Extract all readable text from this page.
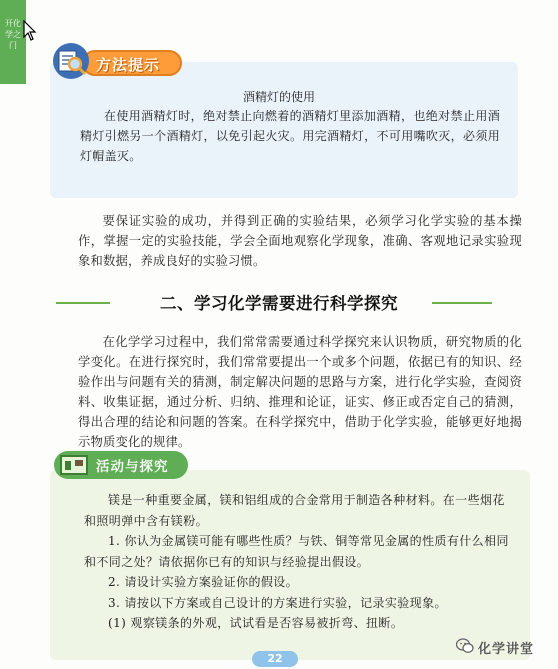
开化学之门
方法提示
酒精灯的使用

在使用酒精灯时，绝对禁止向燃着的酒精灯里添加酒精，也绝对禁止用酒精灯引燃另一个酒精灯，以免引起火灾。用完酒精灯，不可用嘴吹灭，必须用灯帽盖灭。

要保证实验的成功，并得到正确的实验结果，必须学习化学实验的基本操作，掌握一定的实验技能，学会全面地观察化学现象，准确、客观地记录实验现象和数据，养成良好的实验习惯。

二、学习化学需要进行科学探究

在化学学习过程中，我们常常需要通过科学探究来认识物质，研究物质的化学变化。在进行探究时，我们常常要提出一个或多个问题，依据已有的知识、经验作出与问题有关的猜测，制定解决问题的思路与方案，进行化学实验，查阅资料、收集证据，通过分析、归纳、推理和论证，证实、修正或否定自己的猜测，得出合理的结论和问题的答案。在科学探究中，借助于化学实验，能够更好地揭示物质变化的规律。

活动与探究

镁是一种重要金属，镁和铝组成的合金常用于制造各种材料。在一些烟花和照明弹中含有镁粉。

1. 你认为金属镁可能有哪些性质？与铁、铜等常见金属的性质有什么相同和不同之处？请依据你已有的知识与经验提出假设。

2. 请设计实验方案验证你的假设。

3. 请按以下方案或自己设计的方案进行实验，记录实验现象。

(1) 观察镁条的外观，试试看是否容易被折弯、扭断。

22
化学讲堂
